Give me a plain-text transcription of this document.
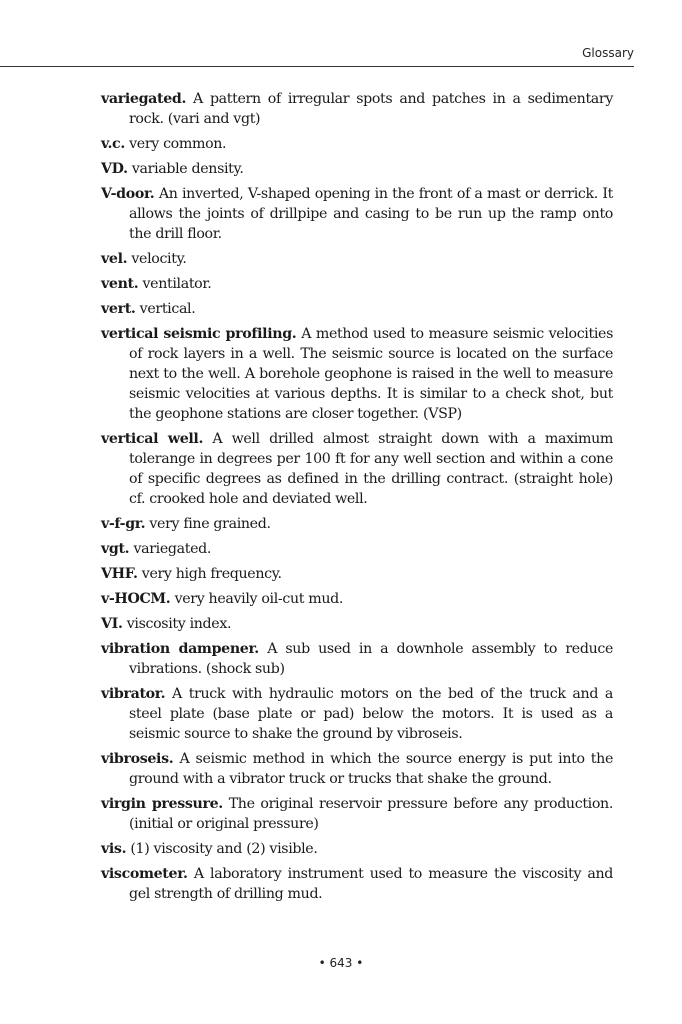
Glossary

variegated. A pattern of irregular spots and patches in a sedimentary rock. (vari and vgt)

v.c. very common.

VD. variable density.

V-door. An inverted, V-shaped opening in the front of a mast or derrick. It allows the joints of drillpipe and casing to be run up the ramp onto the drill floor.

vel. velocity.

vent. ventilator.

vert. vertical.

vertical seismic profiling. A method used to measure seismic velocities of rock layers in a well. The seismic source is located on the surface next to the well. A borehole geophone is raised in the well to measure seismic velocities at various depths. It is similar to a check shot, but the geophone stations are closer together. (VSP)

vertical well. A well drilled almost straight down with a maximum tolerange in degrees per 100 ft for any well section and within a cone of specific degrees as defined in the drilling contract. (straight hole) cf. crooked hole and deviated well.

v-f-gr. very fine grained.

vgt. variegated.

VHF. very high frequency.

v-HOCM. very heavily oil-cut mud.

VI. viscosity index.

vibration dampener. A sub used in a downhole assembly to reduce vibrations. (shock sub)

vibrator. A truck with hydraulic motors on the bed of the truck and a steel plate (base plate or pad) below the motors. It is used as a seismic source to shake the ground by vibroseis.

vibroseis. A seismic method in which the source energy is put into the ground with a vibrator truck or trucks that shake the ground.

virgin pressure. The original reservoir pressure before any production. (initial or original pressure)

vis. (1) viscosity and (2) visible.

viscometer. A laboratory instrument used to measure the viscosity and gel strength of drilling mud.

• 643 •
